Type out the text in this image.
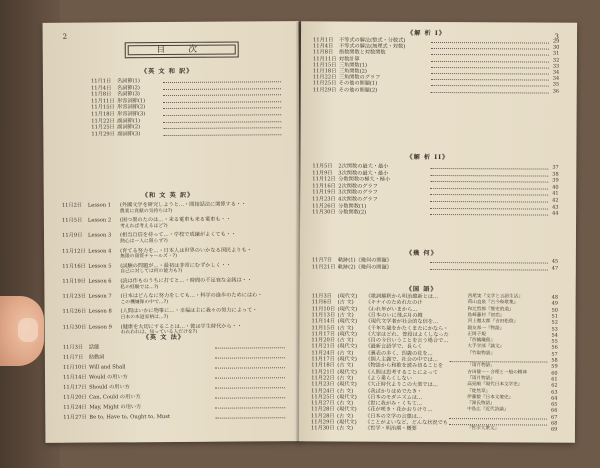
2
目 次
《英 文 和 訳》
11月1日 名詞節(1)
11月4日 名詞節(2)
11月8日 名詞節(3)
11月11日 形容詞節(1)
11月15日 形容詞節(2)
11月18日 形容詞節(3)
11月22日 副詞節(1)
11月25日 副詞節(2)
11月29日 副詞節(3)
《和 文 英 訳》
11月2日 Lesson 1 (外國文学を研究しようと…・間接話法に関係する・・
農業に貢献の気持ちは?)
11月5日 Lesson 2 (困つ果のたのは…・来る電車も来る電車も・・
考えれば考えるほど?)
11月9日 Lesson 3 (相当自信を持って…・学校で成績がよくても・・
熱心は一人に限らず?)
11月12日 Lesson 4 (育てる努力を…・日本人は世界のいかなる国民よりも・
無限の資質チャールズ・?)
11月16日 Lesson 5 (試験の問題が…・最初は非常にむずかしく・・
自己に対しては何の能力も?)
11月19日 Lesson 6 (読は作ものうちに打てと…・時間の不足衰な金銭は・・
私の経験では…?)
11月23日 Lesson 7 (日本はどんなに努力をしても…・科学の進歩のためにはわ・
この機嫌像の中で…?)
11月26日 Lesson 8 (人間はいかに物事に…・幸福は主に我々の努力によって・
日本の本道家柄は…?)
11月30日 Lesson 9 (健康を大切にすることは…・彼は学生時代から・・
われわれは、知っている人だけを?)
《英 文 法》
11月3日 話態
11月7日 助動詞
11月10日 Will and Shall
11月14日 Would の用い方
11月17日 Should の用い方
11月20日 Can, Could の用い方
11月24日 May, Might の用い方
11月27日 Be to, Have to, Ought to, Must
3
《解 析 I》
11月1日 不等式の解法(整式・分数式)	29
11月4日 不等式の解法(無理式・対数)	30
11月8日 指数関数と対数関数	31
11月11日 対数計算	32
11月15日 三角関数(1)	33
11月18日 三角関数(2)	34
11月22日 三角関数のグラフ	34
11月25日 その他の問題(1)	35
11月29日 その他の問題(2)	36
《解 析 II》
11月5日 2次関数の最大・最小	37
11月9日 3次関数の最大・最小	38
11月12日 分数関数の極大・極小	39
11月16日 2次関数のグラフ	40
11月19日 3次関数のグラフ	41
11月23日 4次関数のグラフ	42
11月26日 分数関数(1)	43
11月30日 分数関数(2)	44
《幾 何》
11月7日 軌跡(1)《幾何の問題》	45
11月21日 軌跡(2)《幾何の問題》	47
《国 語》
11月3日 (現代文) 《歌詞解釈から明治維新とは…	西尾実『文学と言語生活』	48
11月6日 (古 文) 《キナイのためれたのけ	荷山直泉『古今和歌集』	49
11月10日 (現代文) 《われ年がいまから…	和辻哲郎『歴史的道』	50
11月13日 (古 文) 《日本のいに飛ぶ月の鏡	島崎藤村『初恋』	51
11月14日 (現代文) 《現代文学者が社会的な信を…	河上徹太郎『吉田松陰』	52
11月15日 (古 文) 《千年ち歳をかたくまたにかなら・	親友邦一『物語』	53
11月17日 (現代文) 《大家はどれ、普段はよくしなった	正岡子規	54
11月20日 (古 文) 《目の今日いうことを言う場合で…	『西鶴織留』	55
11月21日 (現代文) 《最新言語学で、長らく	大手学部『論文』	56
11月24日 (古 文) 《裏表の多く、四歳の花を…	『竹取物語』	57
11月17日 (現代文) 《個人主義で、社会の中では…	58
11月18日 (古 文) 《物語から和歌を読み切ることを	「雨月物語」	59
11月21日 (現代文) 《人間は思考することによって	吉田健一・合理と一般の精神	60
11月22日 (古 文) 《よう乗らくしない	『雨月物語』	61
11月23日 (現代文) 《大正時代よりこの大衆では…	高見順『現代日本文学史』	62
11月24日 (古 文) 《我ばかりはめでたき・	『徒然草』	63
11月25日 (現代文) 《日本のモダニズムは…	伊藤整『日本文壇史』	64
11月27日 (古 文) 《世に我がみ・くちて…	『源氏物語』	65
11月28日 (現代文) 《花が咲き・花かおりけり…	中島広『近代詩論』	66
11月28日 (古 文) 《日本の文学の言葉は…	67
11月29日 (現代文) 《ことがよいなど、どんな状況でも	68
11月30日 (古 文) 《哲学・明治期・概要	『哲学大衆文』	69
